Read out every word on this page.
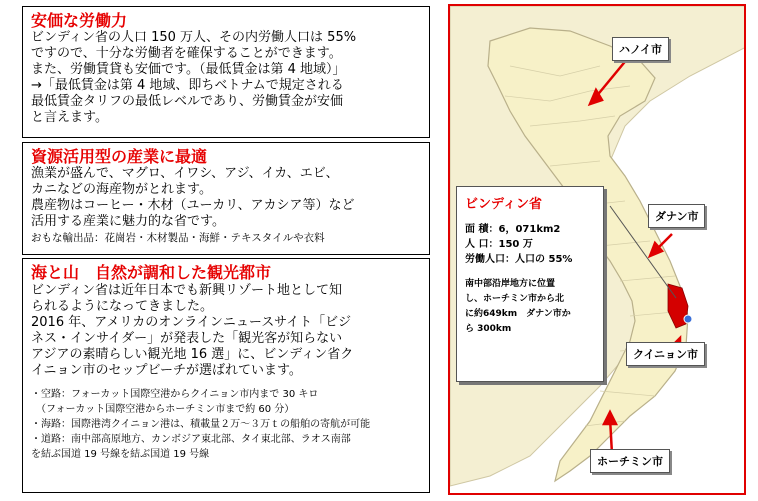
安価な労働力

ビンディン省の人口 150 万人、その内労働人口は 55%
ですので、十分な労働者を確保することができます。
また、労働賃貸も安価です。（最低賃金は第 4 地域）」
→「最低賃金は第 4 地域、即ちベトナムで規定される
最低賃金タリフの最低レベルであり、労働賃金が安価
と言えます。

資源活用型の産業に最適

漁業が盛んで、マグロ、イワシ、アジ、イカ、エビ、
カニなどの海産物がとれます。
農産物はコーヒー・木材（ユーカリ、アカシア等）など
活用する産業に魅力的な省です。

おもな輸出品：花崗岩・木材製品・海鮮・テキスタイルや衣料

海と山　自然が調和した観光都市

ビンディン省は近年日本でも新興リゾート地として知
られるようになってきました。
2016 年、アメリカのオンラインニュースサイト「ビジ
ネス・インサイダー」が発表した「観光客が知らない
アジアの素晴らしい観光地 16 選」に、ビンディン省ク
イニョン市のセップビーチが選ばれています。

・空路：フォーカット国際空港からクイニョン市内まで 30 キロ
　（フォーカット国際空港からホーチミン市まで約 60 分）
・海路：国際港湾クイニョン港は、積載量２万～３万ｔの船舶の寄航が可能
・道路：南中部高原地方、カンボジア東北部、タイ東北部、ラオス南部
を結ぶ国道 19 号線を結ぶ国道 19 号線
ハノイ市
ダナン市
クイニョン市
ホーチミン市
ビンディン省
面 積：6，071km2
人 口：150 万
労働人口：人口の 55%
南中部沿岸地方に位置
し、ホーチミン市から北
に約649km　ダナン市か
ら 300km
